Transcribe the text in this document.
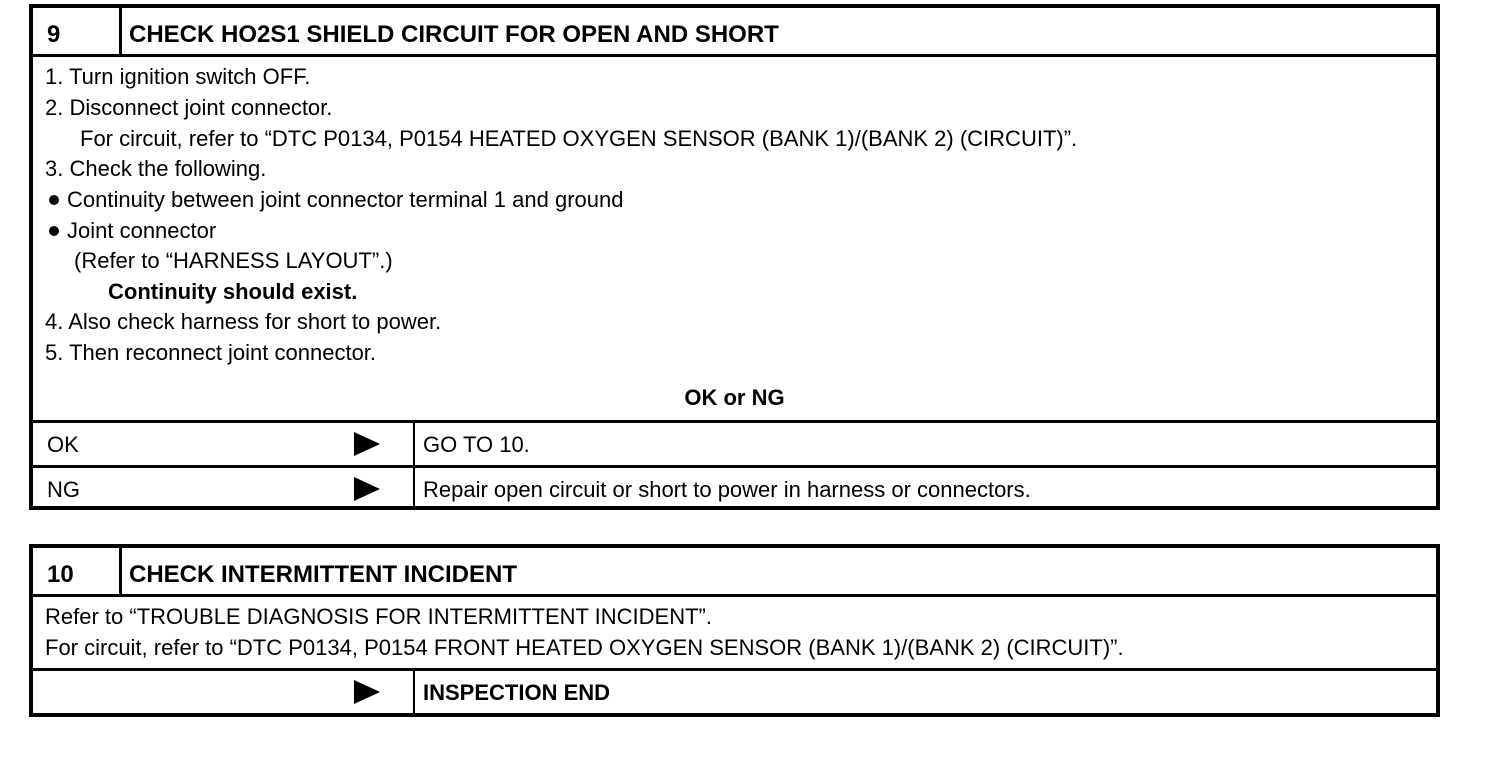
9	CHECK HO2S1 SHIELD CIRCUIT FOR OPEN AND SHORT
1. Turn ignition switch OFF.
2. Disconnect joint connector.
For circuit, refer to “DTC P0134, P0154 HEATED OXYGEN SENSOR (BANK 1)/(BANK 2) (CIRCUIT)”.
3. Check the following.
Continuity between joint connector terminal 1 and ground
Joint connector
(Refer to “HARNESS LAYOUT”.)
Continuity should exist.
4. Also check harness for short to power.
5. Then reconnect joint connector.
OK or NG
OK	GO TO 10.
NG	Repair open circuit or short to power in harness or connectors.
10 CHECK INTERMITTENT INCIDENT
Refer to “TROUBLE DIAGNOSIS FOR INTERMITTENT INCIDENT”.
For circuit, refer to “DTC P0134, P0154 FRONT HEATED OXYGEN SENSOR (BANK 1)/(BANK 2) (CIRCUIT)”.
INSPECTION END
